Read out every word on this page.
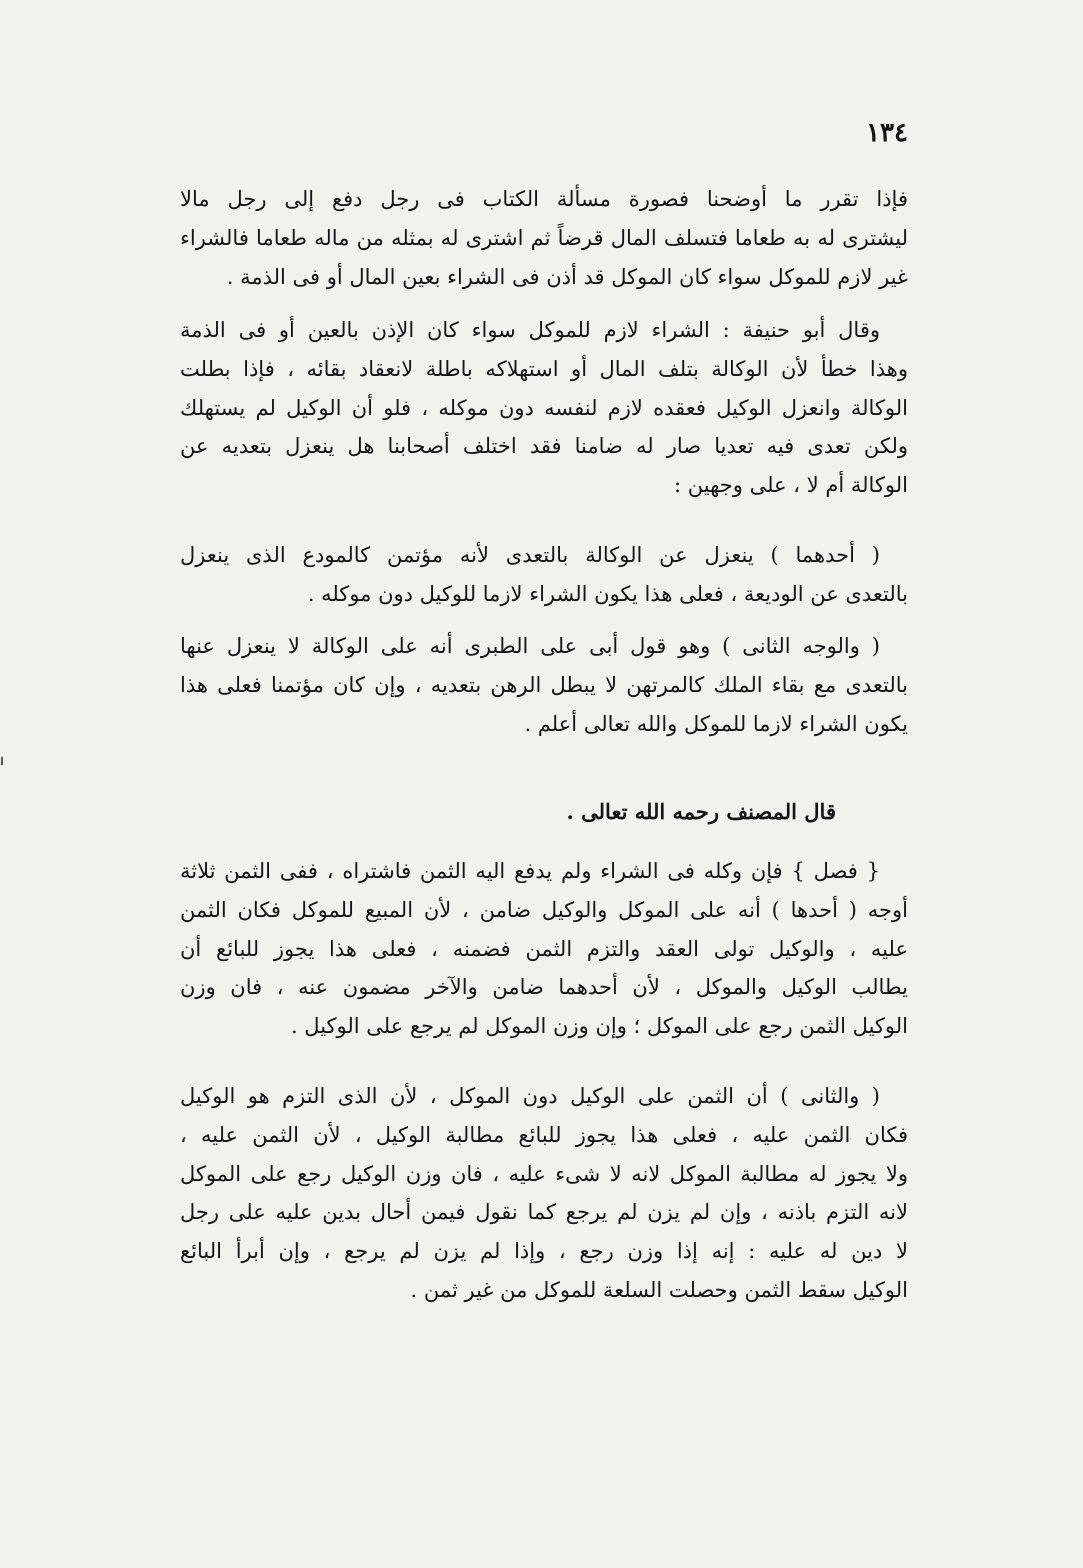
١٣٤
فإذا تقرر ما أوضحنا فصورة مسألة الكتاب فى رجل دفع إلى رجل مالا
ليشترى له به طعاما فتسلف المال قرضاً ثم اشترى له بمثله من ماله طعاما فالشراء
غير لازم للموكل سواء كان الموكل قد أذن فى الشراء بعين المال أو فى الذمة .
وقال أبو حنيفة : الشراء لازم للموكل سواء كان الإذن بالعين أو فى الذمة
وهذا خطأ لأن الوكالة بتلف المال أو استهلاكه باطلة لانعقاد بقائه ، فإذا بطلت
الوكالة وانعزل الوكيل فعقده لازم لنفسه دون موكله ، فلو أن الوكيل لم يستهلك
ولكن تعدى فيه تعديا صار له ضامنا فقد اختلف أصحابنا هل ينعزل بتعديه عن
الوكالة أم لا ، على وجهين :
( أحدهما ) ينعزل عن الوكالة بالتعدى لأنه مؤتمن كالمودع الذى ينعزل
بالتعدى عن الوديعة ، فعلى هذا يكون الشراء لازما للوكيل دون موكله .
( والوجه الثانى ) وهو قول أبى على الطبرى أنه على الوكالة لا ينعزل عنها
بالتعدى مع بقاء الملك كالمرتهن لا يبطل الرهن بتعديه ، وإن كان مؤتمنا فعلى هذا
يكون الشراء لازما للموكل والله تعالى أعلم .
قال المصنف رحمه الله تعالى .
{ فصل } فإن وكله فى الشراء ولم يدفع اليه الثمن فاشتراه ، ففى الثمن ثلاثة
أوجه ( أحدها ) أنه على الموكل والوكيل ضامن ، لأن المبيع للموكل فكان الثمن
عليه ، والوكيل تولى العقد والتزم الثمن فضمنه ، فعلى هذا يجوز للبائع أن
يطالب الوكيل والموكل ، لأن أحدهما ضامن والآخر مضمون عنه ، فان وزن
الوكيل الثمن رجع على الموكل ؛ وإن وزن الموكل لم يرجع على الوكيل .
( والثانى ) أن الثمن على الوكيل دون الموكل ، لأن الذى التزم هو الوكيل
فكان الثمن عليه ، فعلى هذا يجوز للبائع مطالبة الوكيل ، لأن الثمن عليه ،
ولا يجوز له مطالبة الموكل لانه لا شىء عليه ، فان وزن الوكيل رجع على الموكل
لانه التزم باذنه ، وإن لم يزن لم يرجع كما نقول فيمن أحال بدين عليه على رجل
لا دين له عليه : إنه إذا وزن رجع ، وإذا لم يزن لم يرجع ، وإن أبرأ البائع
الوكيل سقط الثمن وحصلت السلعة للموكل من غير ثمن .
